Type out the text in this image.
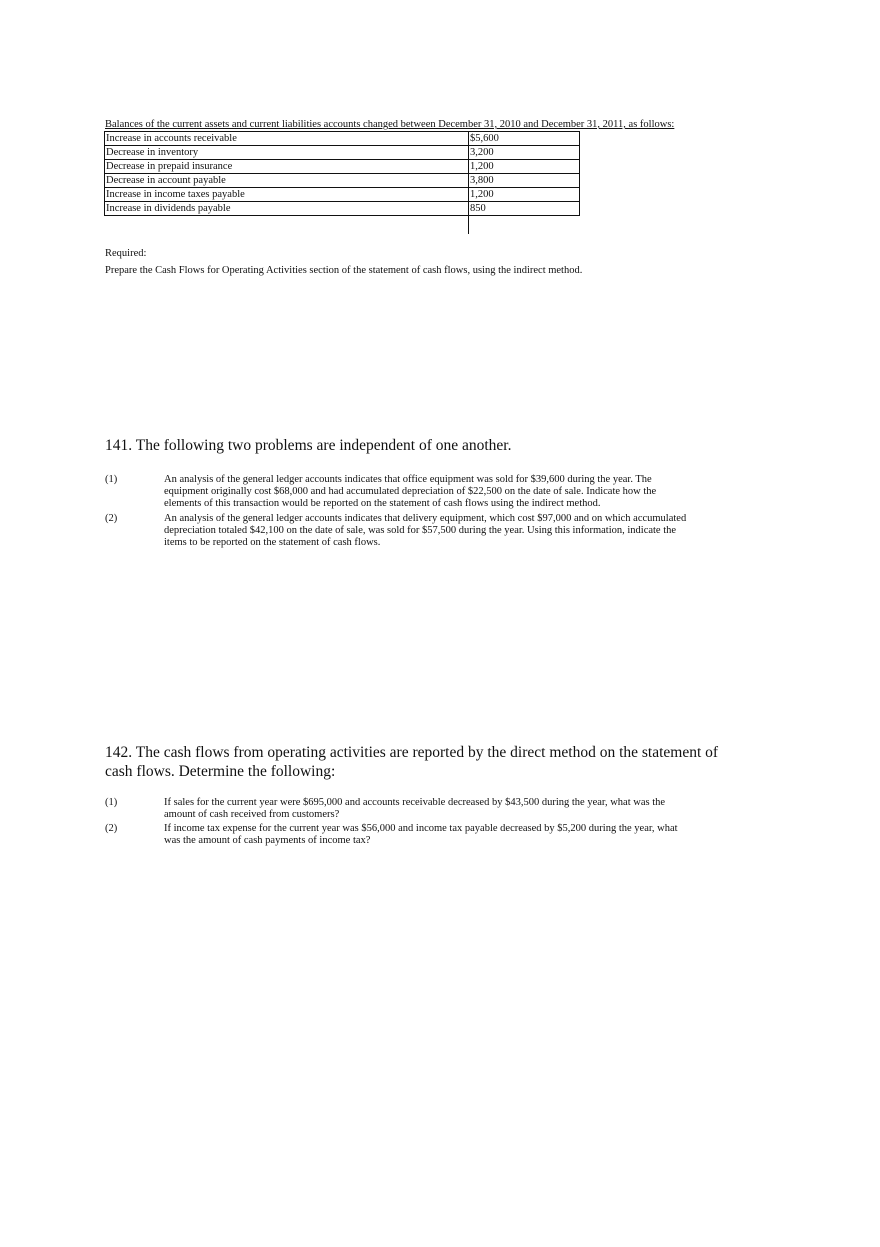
Balances of the current assets and current liabilities accounts changed between December 31, 2010 and December 31, 2011, as follows:
Increase in accounts receivable	$5,600
Decrease in inventory	3,200
Decrease in prepaid insurance	1,200
Decrease in account payable	3,800
Increase in income taxes payable	1,200
Increase in dividends payable	850
Required:
Prepare the Cash Flows for Operating Activities section of the statement of cash flows, using the indirect method.
141. The following two problems are independent of one another.
(1)	An analysis of the general ledger accounts indicates that office equipment was sold for $39,600 during the year. The equipment originally cost $68,000 and had accumulated depreciation of $22,500 on the date of sale. Indicate how the elements of this transaction would be reported on the statement of cash flows using the indirect method.
(2)	An analysis of the general ledger accounts indicates that delivery equipment, which cost $97,000 and on which accumulated depreciation totaled $42,100 on the date of sale, was sold for $57,500 during the year. Using this information, indicate the items to be reported on the statement of cash flows.
142. The cash flows from operating activities are reported by the direct method on the statement of cash flows. Determine the following:
(1)	If sales for the current year were $695,000 and accounts receivable decreased by $43,500 during the year, what was the amount of cash received from customers?
(2)	If income tax expense for the current year was $56,000 and income tax payable decreased by $5,200 during the year, what was the amount of cash payments of income tax?
